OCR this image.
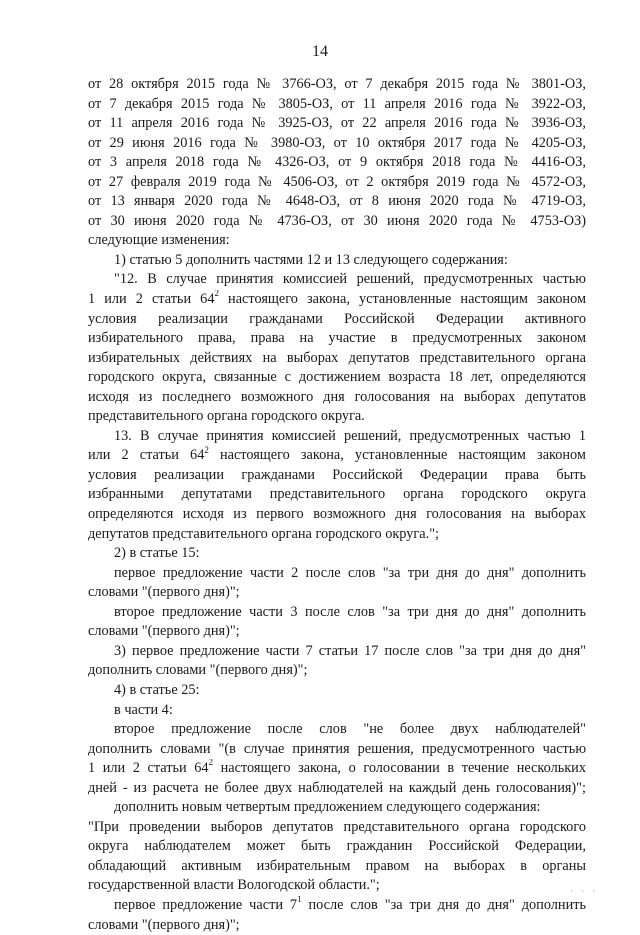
14
от 28 октября 2015 года № 3766-ОЗ, от 7 декабря 2015 года № 3801-ОЗ,
от 7 декабря 2015 года № 3805-ОЗ, от 11 апреля 2016 года № 3922-ОЗ,
от 11 апреля 2016 года № 3925-ОЗ, от 22 апреля 2016 года № 3936-ОЗ,
от 29 июня 2016 года № 3980-ОЗ, от 10 октября 2017 года № 4205-ОЗ,
от 3 апреля 2018 года № 4326-ОЗ, от 9 октября 2018 года № 4416-ОЗ,
от 27 февраля 2019 года № 4506-ОЗ, от 2 октября 2019 года № 4572-ОЗ,
от 13 января 2020 года № 4648-ОЗ, от 8 июня 2020 года № 4719-ОЗ,
от 30 июня 2020 года № 4736-ОЗ, от 30 июня 2020 года № 4753-ОЗ)
следующие изменения:
1) статью 5 дополнить частями 12 и 13 следующего содержания:
"12. В случае принятия комиссией решений, предусмотренных частью
1 или 2 статьи $64^2$ настоящего закона, установленные настоящим законом
условия реализации гражданами Российской Федерации активного
избирательного права, права на участие в предусмотренных законом
избирательных действиях на выборах депутатов представительного органа
городского округа, связанные с достижением возраста 18 лет, определяются
исходя из последнего возможного дня голосования на выборах депутатов
представительного органа городского округа.
13. В случае принятия комиссией решений, предусмотренных частью 1
или 2 статьи $64^2$ настоящего закона, установленные настоящим законом
условия реализации гражданами Российской Федерации права быть
избранными депутатами представительного органа городского округа
определяются исходя из первого возможного дня голосования на выборах
депутатов представительного органа городского округа.";
2) в статье 15:
первое предложение части 2 после слов "за три дня до дня" дополнить
словами "(первого дня)";
второе предложение части 3 после слов "за три дня до дня" дополнить
словами "(первого дня)";
3) первое предложение части 7 статьи 17 после слов "за три дня до дня"
дополнить словами "(первого дня)";
4) в статье 25:
в части 4:
второе предложение после слов "не более двух наблюдателей"
дополнить словами "(в случае принятия решения, предусмотренного частью
1 или 2 статьи $64^2$ настоящего закона, о голосовании в течение нескольких
дней - из расчета не более двух наблюдателей на каждый день голосования)";
дополнить новым четвертым предложением следующего содержания:
"При проведении выборов депутатов представительного органа городского
округа наблюдателем может быть гражданин Российской Федерации,
обладающий активным избирательным правом на выборах в органы
государственной власти Вологодской области.";
первое предложение части $7^1$ после слов "за три дня до дня" дополнить
словами "(первого дня)";
· · ·
